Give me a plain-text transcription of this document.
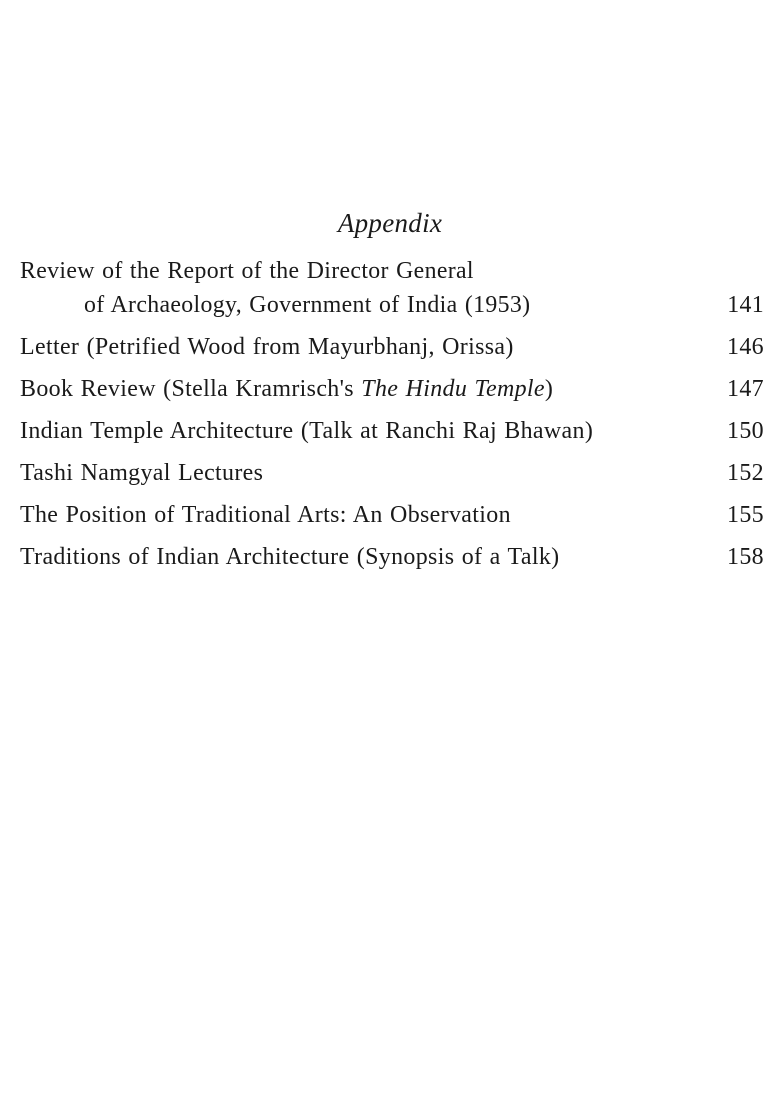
Appendix
Review of the Report of the Director General
of Archaeology, Government of India (1953)	141
Letter (Petrified Wood from Mayurbhanj, Orissa)	146
Book Review (Stella Kramrisch's The Hindu Temple)	147
Indian Temple Architecture (Talk at Ranchi Raj Bhawan)	150
Tashi Namgyal Lectures	152
The Position of Traditional Arts: An Observation	155
Traditions of Indian Architecture (Synopsis of a Talk)	158
